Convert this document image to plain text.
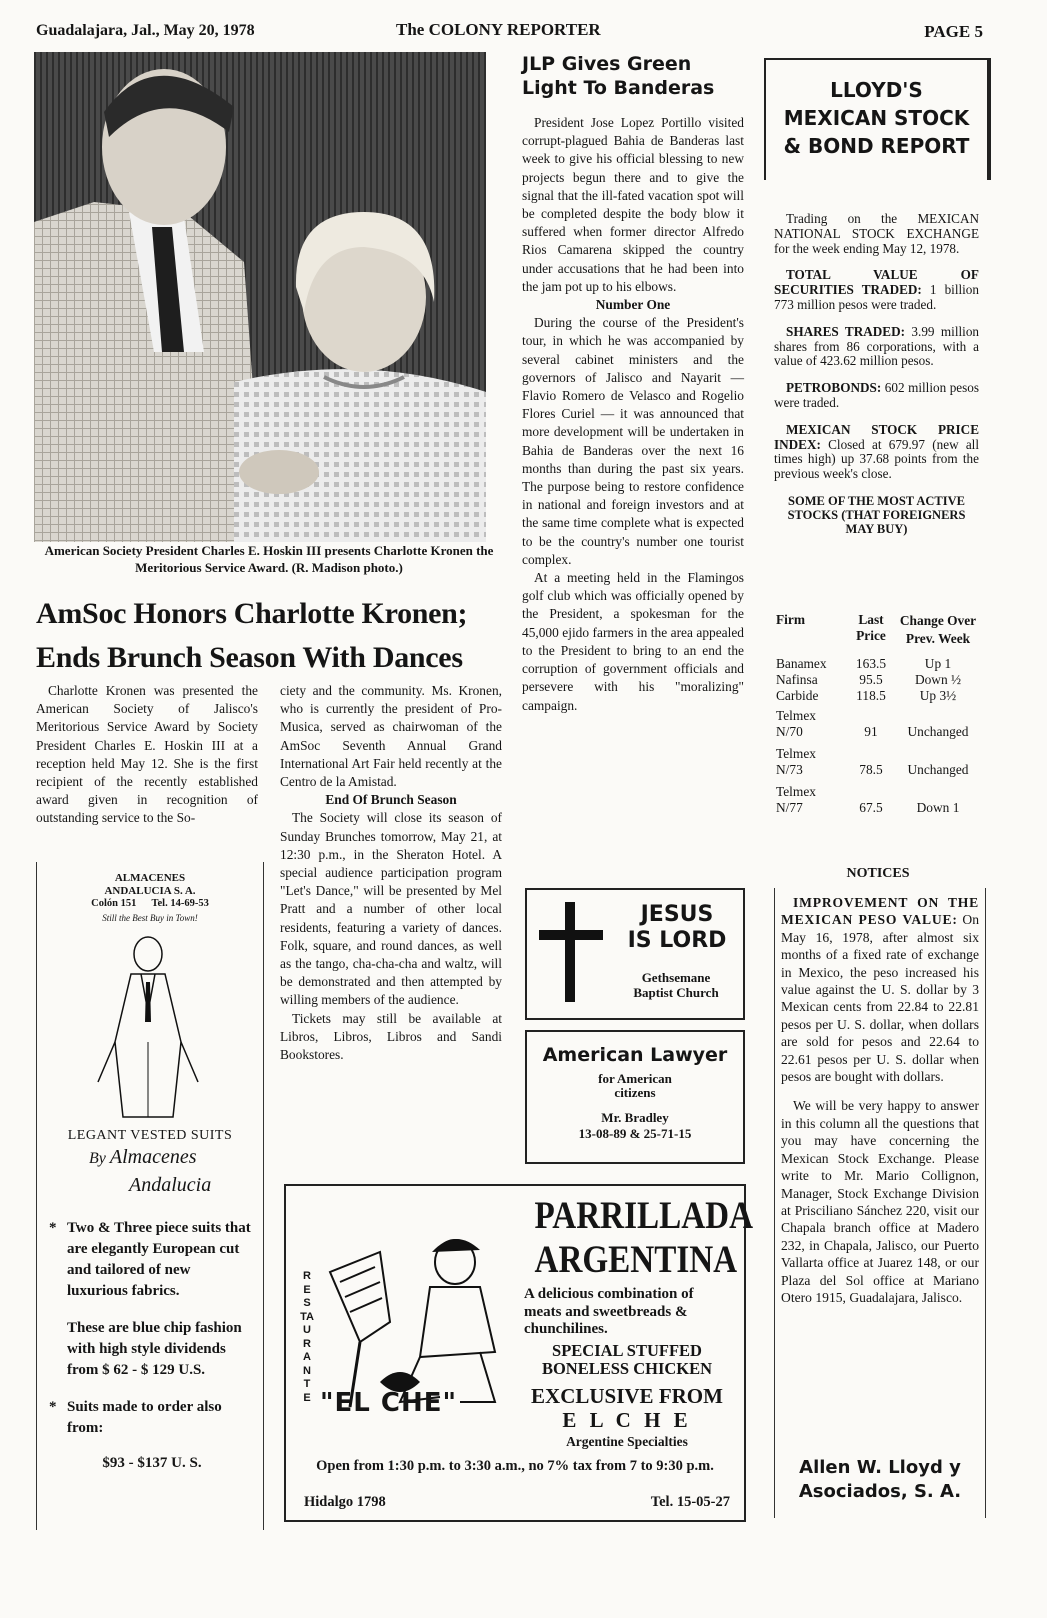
Guadalajara, Jal., May 20, 1978	The COLONY REPORTER	PAGE 5
American Society President Charles E. Hoskin III presents Charlotte Kronen the Meritorious Service Award. (R. Madison photo.)
AmSoc Honors Charlotte Kronen; Ends Brunch Season With Dances

Charlotte Kronen was presented the American Society of Jalisco's Meritorious Service Award by Society President Charles E. Hoskin III at a reception held May 12. She is the first recipient of the recently established award given in recognition of outstanding service to the So-

ciety and the community. Ms. Kronen, who is currently the president of Pro-Musica, served as chairwoman of the AmSoc Seventh Annual Grand International Art Fair held recently at the Centro de la Amistad.

End Of Brunch Season

The Society will close its season of Sunday Brunches tomorrow, May 21, at 12:30 p.m., in the Sheraton Hotel. A special audience participation program "Let's Dance," will be presented by Mel Pratt and a number of other local residents, featuring a variety of dances. Folk, square, and round dances, as well as the tango, cha-cha-cha and waltz, will be demonstrated and then attempted by willing members of the audience.

Tickets may still be available at Libros, Libros, Libros and Sandi Bookstores.

ALMACENES ANDALUCIA S. A.
Colón 151 Tel. 14-69-53
Still the Best Buy in Town!
LEGANT VESTED SUITS
By Almacenes
Andalucia
* Two & Three piece suits that are elegantly European cut and tailored of new luxurious fabrics.
These are blue chip fashion with high style dividends from $ 62 - $ 129 U.S.
* Suits made to order also from:
$93 - $137 U. S.
JLP Gives Green Light To Banderas

President Jose Lopez Portillo visited corrupt-plagued Bahia de Banderas last week to give his official blessing to new projects begun there and to give the signal that the ill-fated vacation spot will be completed despite the body blow it suffered when former director Alfredo Rios Camarena skipped the country under accusations that he had been into the jam pot up to his elbows.

Number One

During the course of the President's tour, in which he was accompanied by several cabinet ministers and the governors of Jalisco and Nayarit — Flavio Romero de Velasco and Rogelio Flores Curiel — it was announced that more development will be undertaken in Bahia de Banderas over the next 16 months than during the past six years. The purpose being to restore confidence in national and foreign investors and at the same time complete what is expected to be the country's number one tourist complex.

At a meeting held in the Flamingos golf club which was officially opened by the President, a spokesman for the 45,000 ejido farmers in the area appealed to the President to bring to an end the corruption of government officials and persevere with his "moralizing" campaign.

JESUS
IS LORD
Gethsemane
Baptist Church
American Lawyer
for American citizens
Mr. Bradley
13-08-89 & 25-71-15
RESTAURANTE "EL CHE"
PARRILLADA
ARGENTINA
A delicious combination of meats and sweetbreads & chunchilines.
SPECIAL STUFFED BONELESS CHICKEN
EXCLUSIVE FROM
E L C H E
Argentine Specialties
Open from 1:30 p.m. to 3:30 a.m., no 7% tax from 7 to 9:30 p.m.
Hidalgo 1798	Tel. 15-05-27
LLOYD'S MEXICAN STOCK & BOND REPORT

Trading on the MEXICAN NATIONAL STOCK EXCHANGE for the week ending May 12, 1978.

TOTAL VALUE OF SECURITIES TRADED: 1 billion 773 million pesos were traded.

SHARES TRADED: 3.99 million shares from 86 corporations, with a value of 423.62 million pesos.

PETROBONDS: 602 million pesos were traded.

MEXICAN STOCK PRICE INDEX: Closed at 679.97 (new all times high) up 37.68 points from the previous week's close.

SOME OF THE MOST ACTIVE STOCKS (THAT FOREIGNERS MAY BUY)
Firm	Last Price	Change Over Prev. Week

Banamex	163.5	Up 1
Nafinsa	95.5	Down ½
Carbide	118.5	Up 3½
Telmex N/70	91	Unchanged
Telmex N/73	78.5	Unchanged
Telmex N/77	67.5	Down 1
NOTICES

IMPROVEMENT ON THE MEXICAN PESO VALUE: On May 16, 1978, after almost six months of a fixed rate of exchange in Mexico, the peso increased his value against the U. S. dollar by 3 Mexican cents from 22.84 to 22.81 pesos per U. S. dollar, when dollars are sold for pesos and 22.64 to 22.61 pesos per U. S. dollar when pesos are bought with dollars.

We will be very happy to answer in this column all the questions that you may have concerning the Mexican Stock Exchange. Please write to Mr. Mario Collignon, Manager, Stock Exchange Division at Prisciliano Sánchez 220, visit our Chapala branch office at Madero 232, in Chapala, Jalisco, our Puerto Vallarta office at Juarez 148, or our Plaza del Sol office at Mariano Otero 1915, Guadalajara, Jalisco.

Allen W. Lloyd y Asociados, S. A.
